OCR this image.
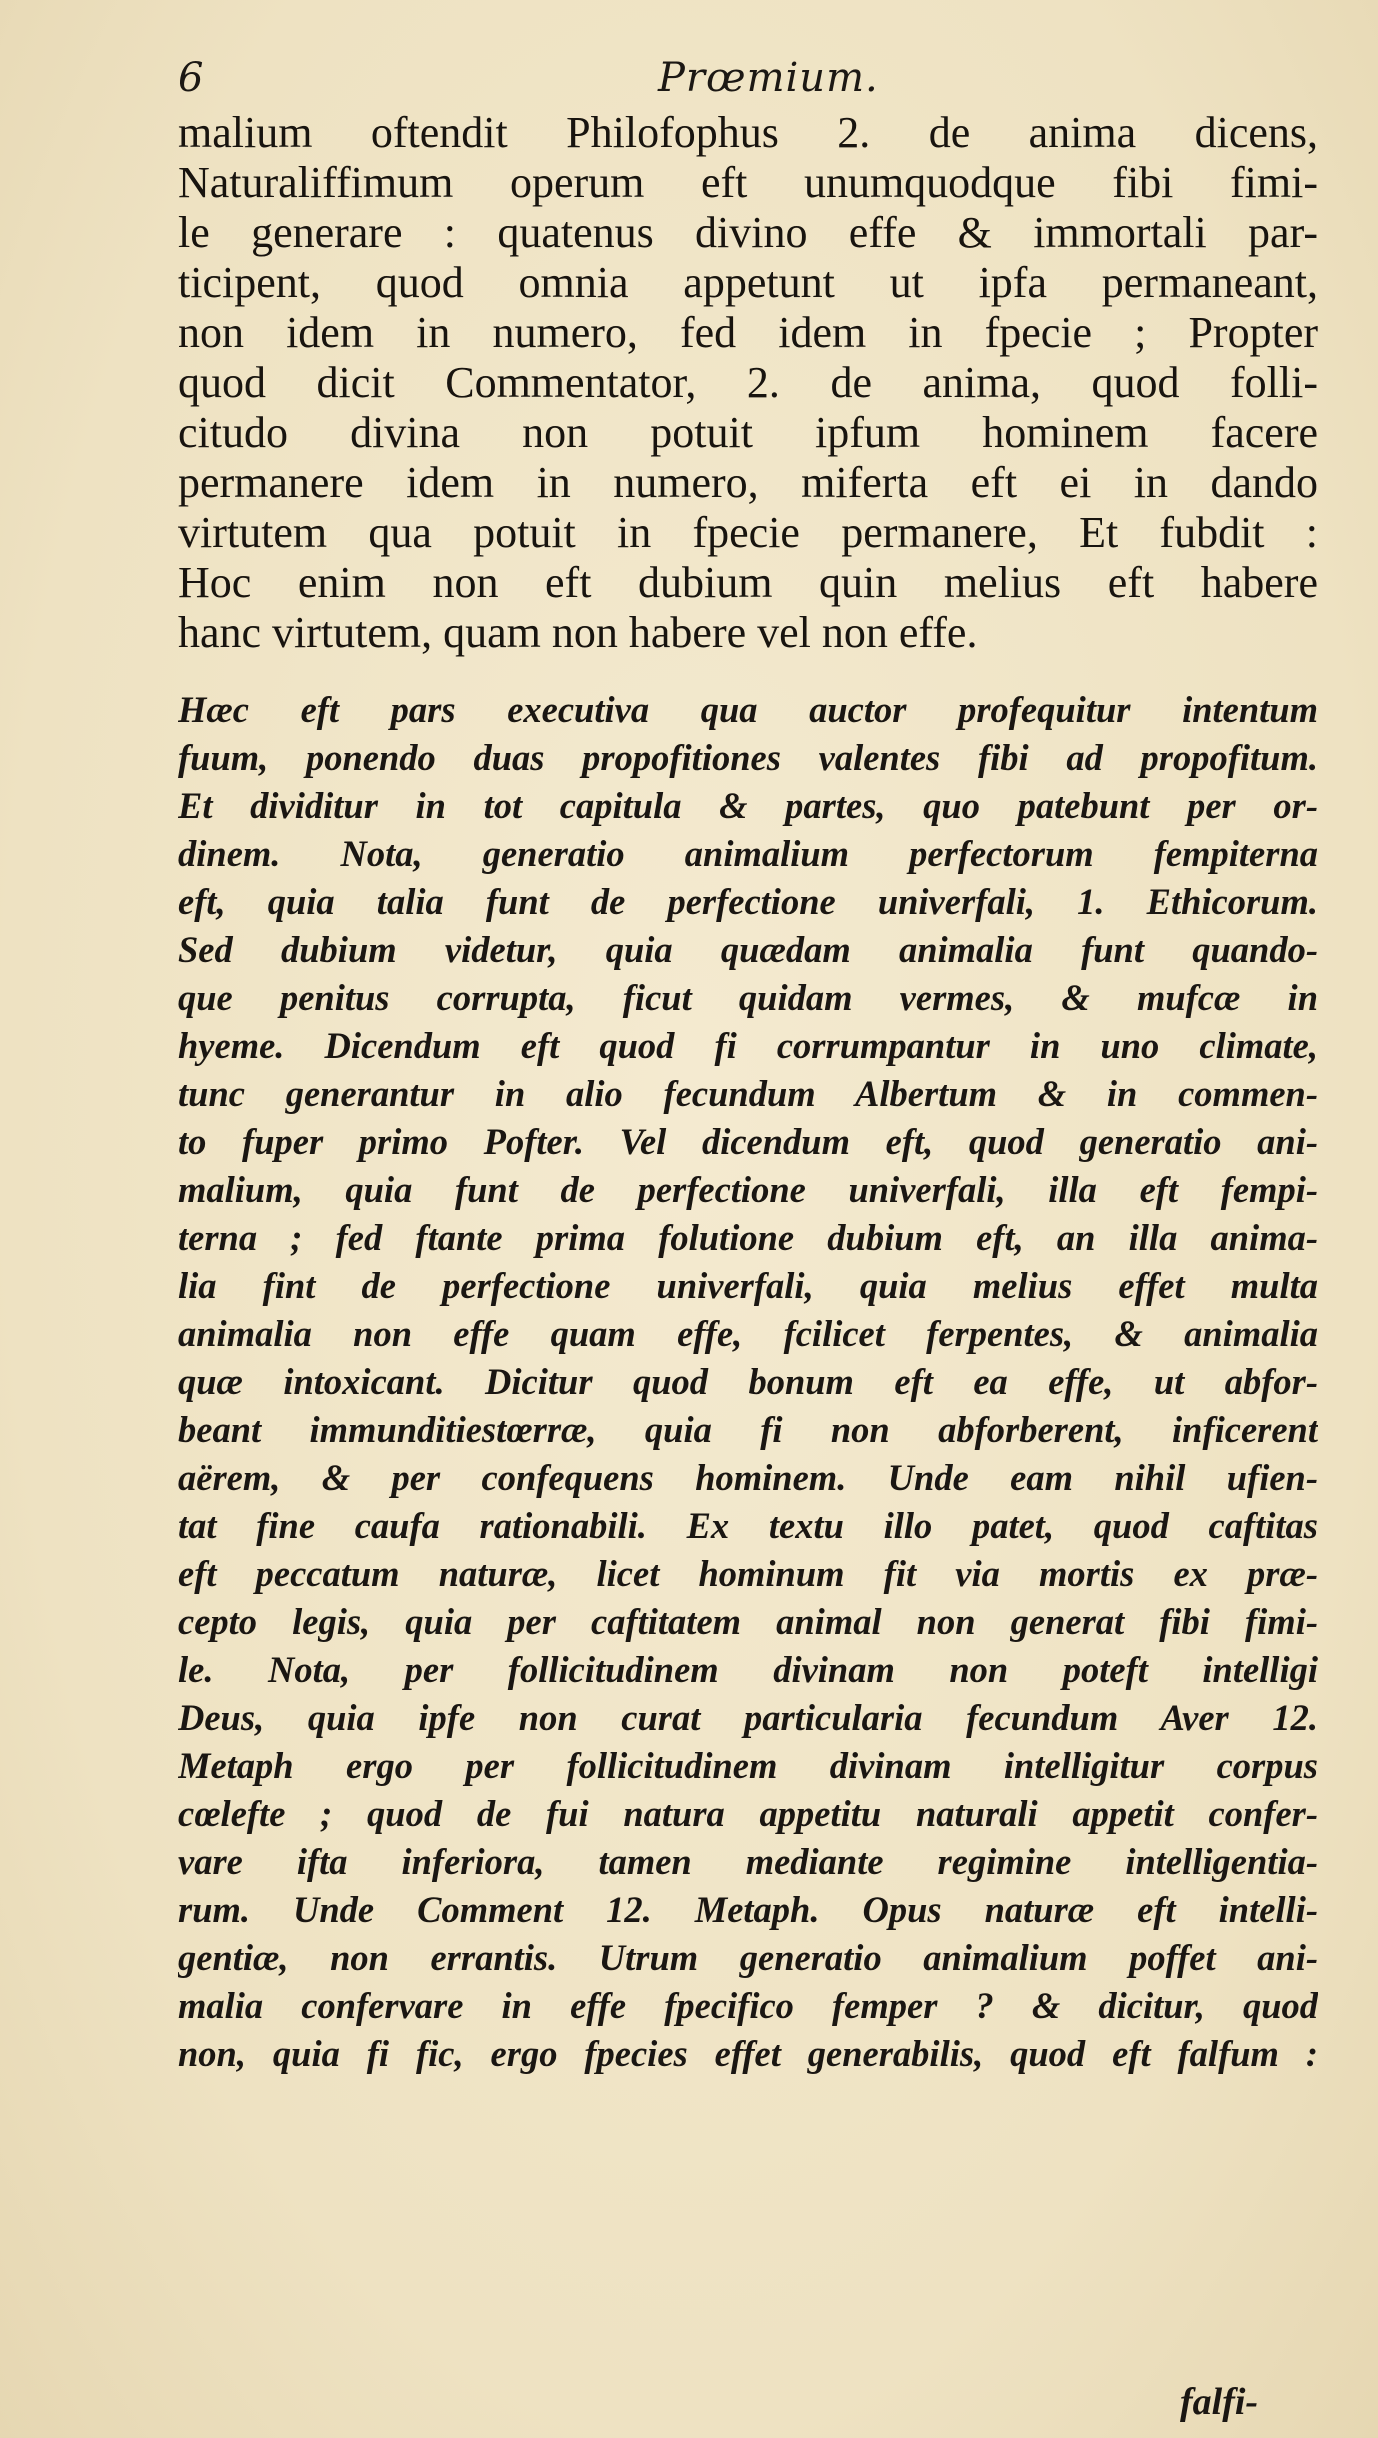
6	Prœmium.
malium oftendit Philofophus 2. de anima dicens,
Naturaliffimum operum eft unumquodque fibi fimi-
le generare : quatenus divino effe & immortali par-
ticipent, quod omnia appetunt ut ipfa permaneant,
non idem in numero, fed idem in fpecie ; Propter
quod dicit Commentator, 2. de anima, quod folli-
citudo divina non potuit ipfum hominem facere
permanere idem in numero, miferta eft ei in dando
virtutem qua potuit in fpecie permanere, Et fubdit :
Hoc enim non eft dubium quin melius eft habere
hanc virtutem, quam non habere vel non effe.
Hæc eft pars executiva qua auctor profequitur intentum
fuum, ponendo duas propofitiones valentes fibi ad propofitum.
Et dividitur in tot capitula & partes, quo patebunt per or-
dinem. Nota, generatio animalium perfectorum fempiterna
eft, quia talia funt de perfectione univerfali, 1. Ethicorum.
Sed dubium videtur, quia quædam animalia funt quando-
que penitus corrupta, ficut quidam vermes, & mufcæ in
hyeme. Dicendum eft quod fi corrumpantur in uno climate,
tunc generantur in alio fecundum Albertum & in commen-
to fuper primo Pofter. Vel dicendum eft, quod generatio ani-
malium, quia funt de perfectione univerfali, illa eft fempi-
terna ; fed ftante prima folutione dubium eft, an illa anima-
lia fint de perfectione univerfali, quia melius effet multa
animalia non effe quam effe, fcilicet ferpentes, & animalia
quæ intoxicant. Dicitur quod bonum eft ea effe, ut abfor-
beant immunditiestœrræ, quia fi non abforberent, inficerent
aërem, & per confequens hominem. Unde eam nihil ufien-
tat fine caufa rationabili. Ex textu illo patet, quod caftitas
eft peccatum naturæ, licet hominum fit via mortis ex præ-
cepto legis, quia per caftitatem animal non generat fibi fimi-
le. Nota, per follicitudinem divinam non poteft intelligi
Deus, quia ipfe non curat particularia fecundum Aver 12.
Metaph ergo per follicitudinem divinam intelligitur corpus
cœlefte ; quod de fui natura appetitu naturali appetit confer-
vare ifta inferiora, tamen mediante regimine intelligentia-
rum. Unde Comment 12. Metaph. Opus naturæ eft intelli-
gentiæ, non errantis. Utrum generatio animalium poffet ani-
malia confervare in effe fpecifico femper ? & dicitur, quod
non, quia fi fic, ergo fpecies effet generabilis, quod eft falfum :
falfi-
